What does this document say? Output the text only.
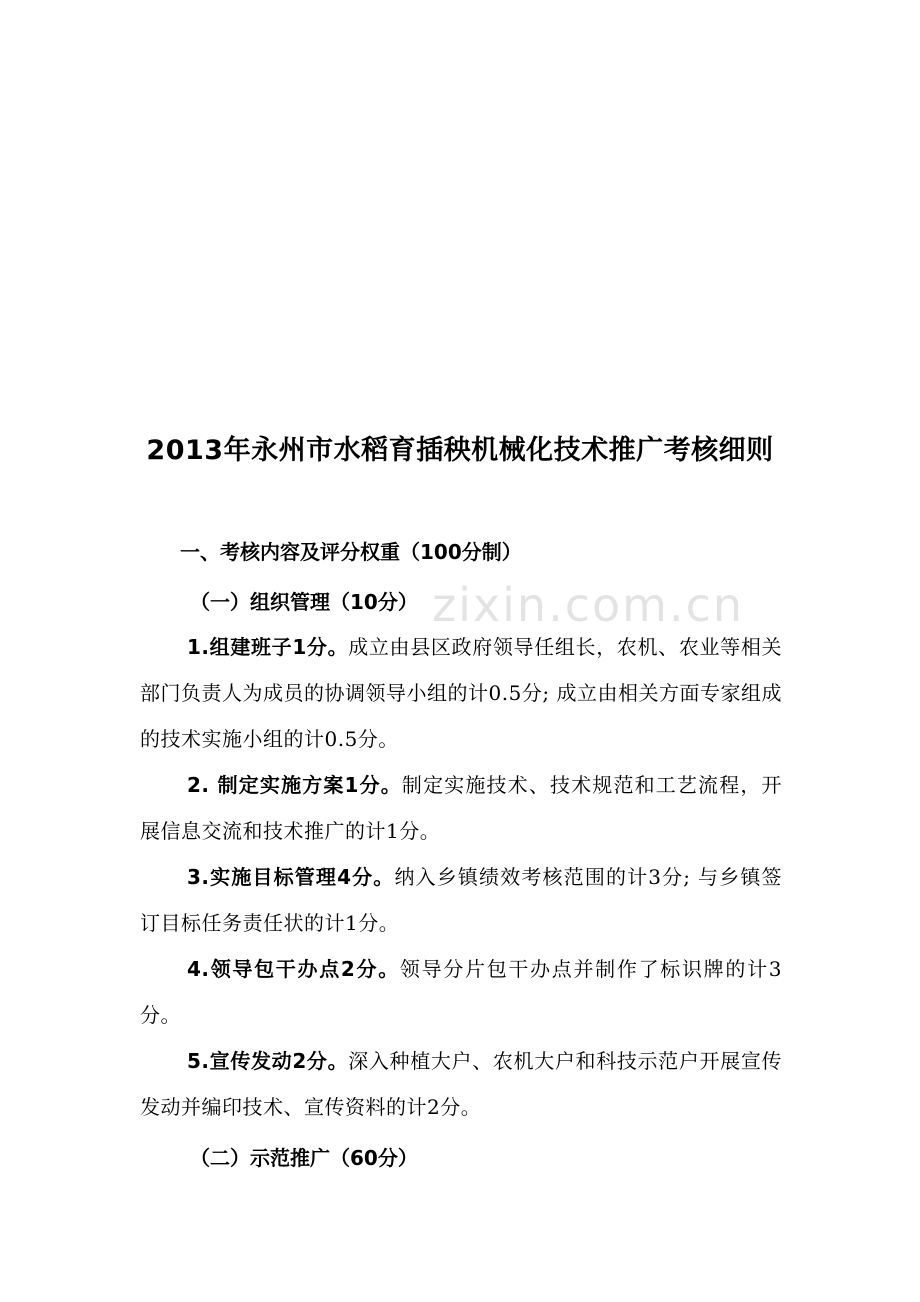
zixin.com.cn
2013年永州市水稻育插秧机械化技术推广考核细则
一、考核内容及评分权重（100分制）
（一）组织管理（10分）
1.组建班子1分。成立由县区政府领导任组长，农机、农业等相关部门负责人为成员的协调领导小组的计0.5分; 成立由相关方面专家组成的技术实施小组的计0.5分。
2. 制定实施方案1分。制定实施技术、技术规范和工艺流程，开展信息交流和技术推广的计1分。
3.实施目标管理4分。纳入乡镇绩效考核范围的计3分; 与乡镇签订目标任务责任状的计1分。
4.领导包干办点2分。领导分片包干办点并制作了标识牌的计3分。
5.宣传发动2分。深入种植大户、农机大户和科技示范户开展宣传发动并编印技术、宣传资料的计2分。
（二）示范推广（60分）
